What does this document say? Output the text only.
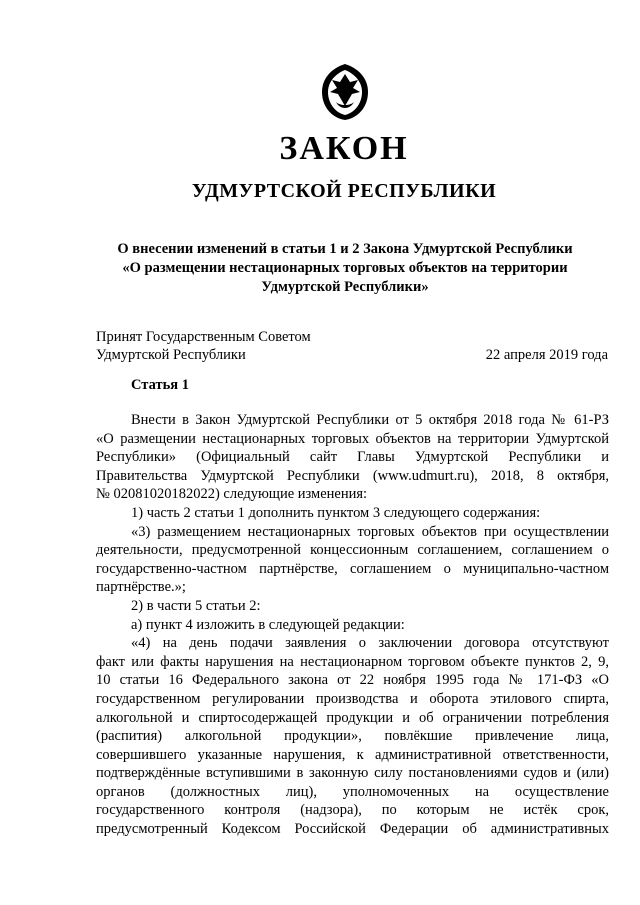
ЗАКОН
УДМУРТСКОЙ РЕСПУБЛИКИ
О внесении изменений в статьи 1 и 2 Закона Удмуртской Республики
«О размещении нестационарных торговых объектов на территории
Удмуртской Республики»
Принят Государственным Советом
Удмуртской Республики	22 апреля 2019 года
Статья 1

Внести в Закон Удмуртской Республики от 5 октября 2018 года № 61-РЗ

«О размещении нестационарных торговых объектов на территории Удмуртской

Республики» (Официальный сайт Главы Удмуртской Республики и

Правительства Удмуртской Республики (www.udmurt.ru), 2018, 8 октября,

№ 02081020182022) следующие изменения:

1) часть 2 статьи 1 дополнить пунктом 3 следующего содержания:

«3) размещением нестационарных торговых объектов при осуществлении

деятельности, предусмотренной концессионным соглашением, соглашением о

государственно-частном партнёрстве, соглашением о муниципально-частном

партнёрстве.»;

2) в части 5 статьи 2:

а) пункт 4 изложить в следующей редакции:

«4) на день подачи заявления о заключении договора отсутствуют

факт или факты нарушения на нестационарном торговом объекте пунктов 2, 9,

10 статьи 16 Федерального закона от 22 ноября 1995 года № 171-ФЗ «О

государственном регулировании производства и оборота этилового спирта,

алкогольной и спиртосодержащей продукции и об ограничении потребления

(распития) алкогольной продукции», повлёкшие привлечение лица,

совершившего указанные нарушения, к административной ответственности,

подтверждённые вступившими в законную силу постановлениями судов и (или)

органов (должностных лиц), уполномоченных на осуществление

государственного контроля (надзора), по которым не истёк срок,

предусмотренный Кодексом Российской Федерации об административных
